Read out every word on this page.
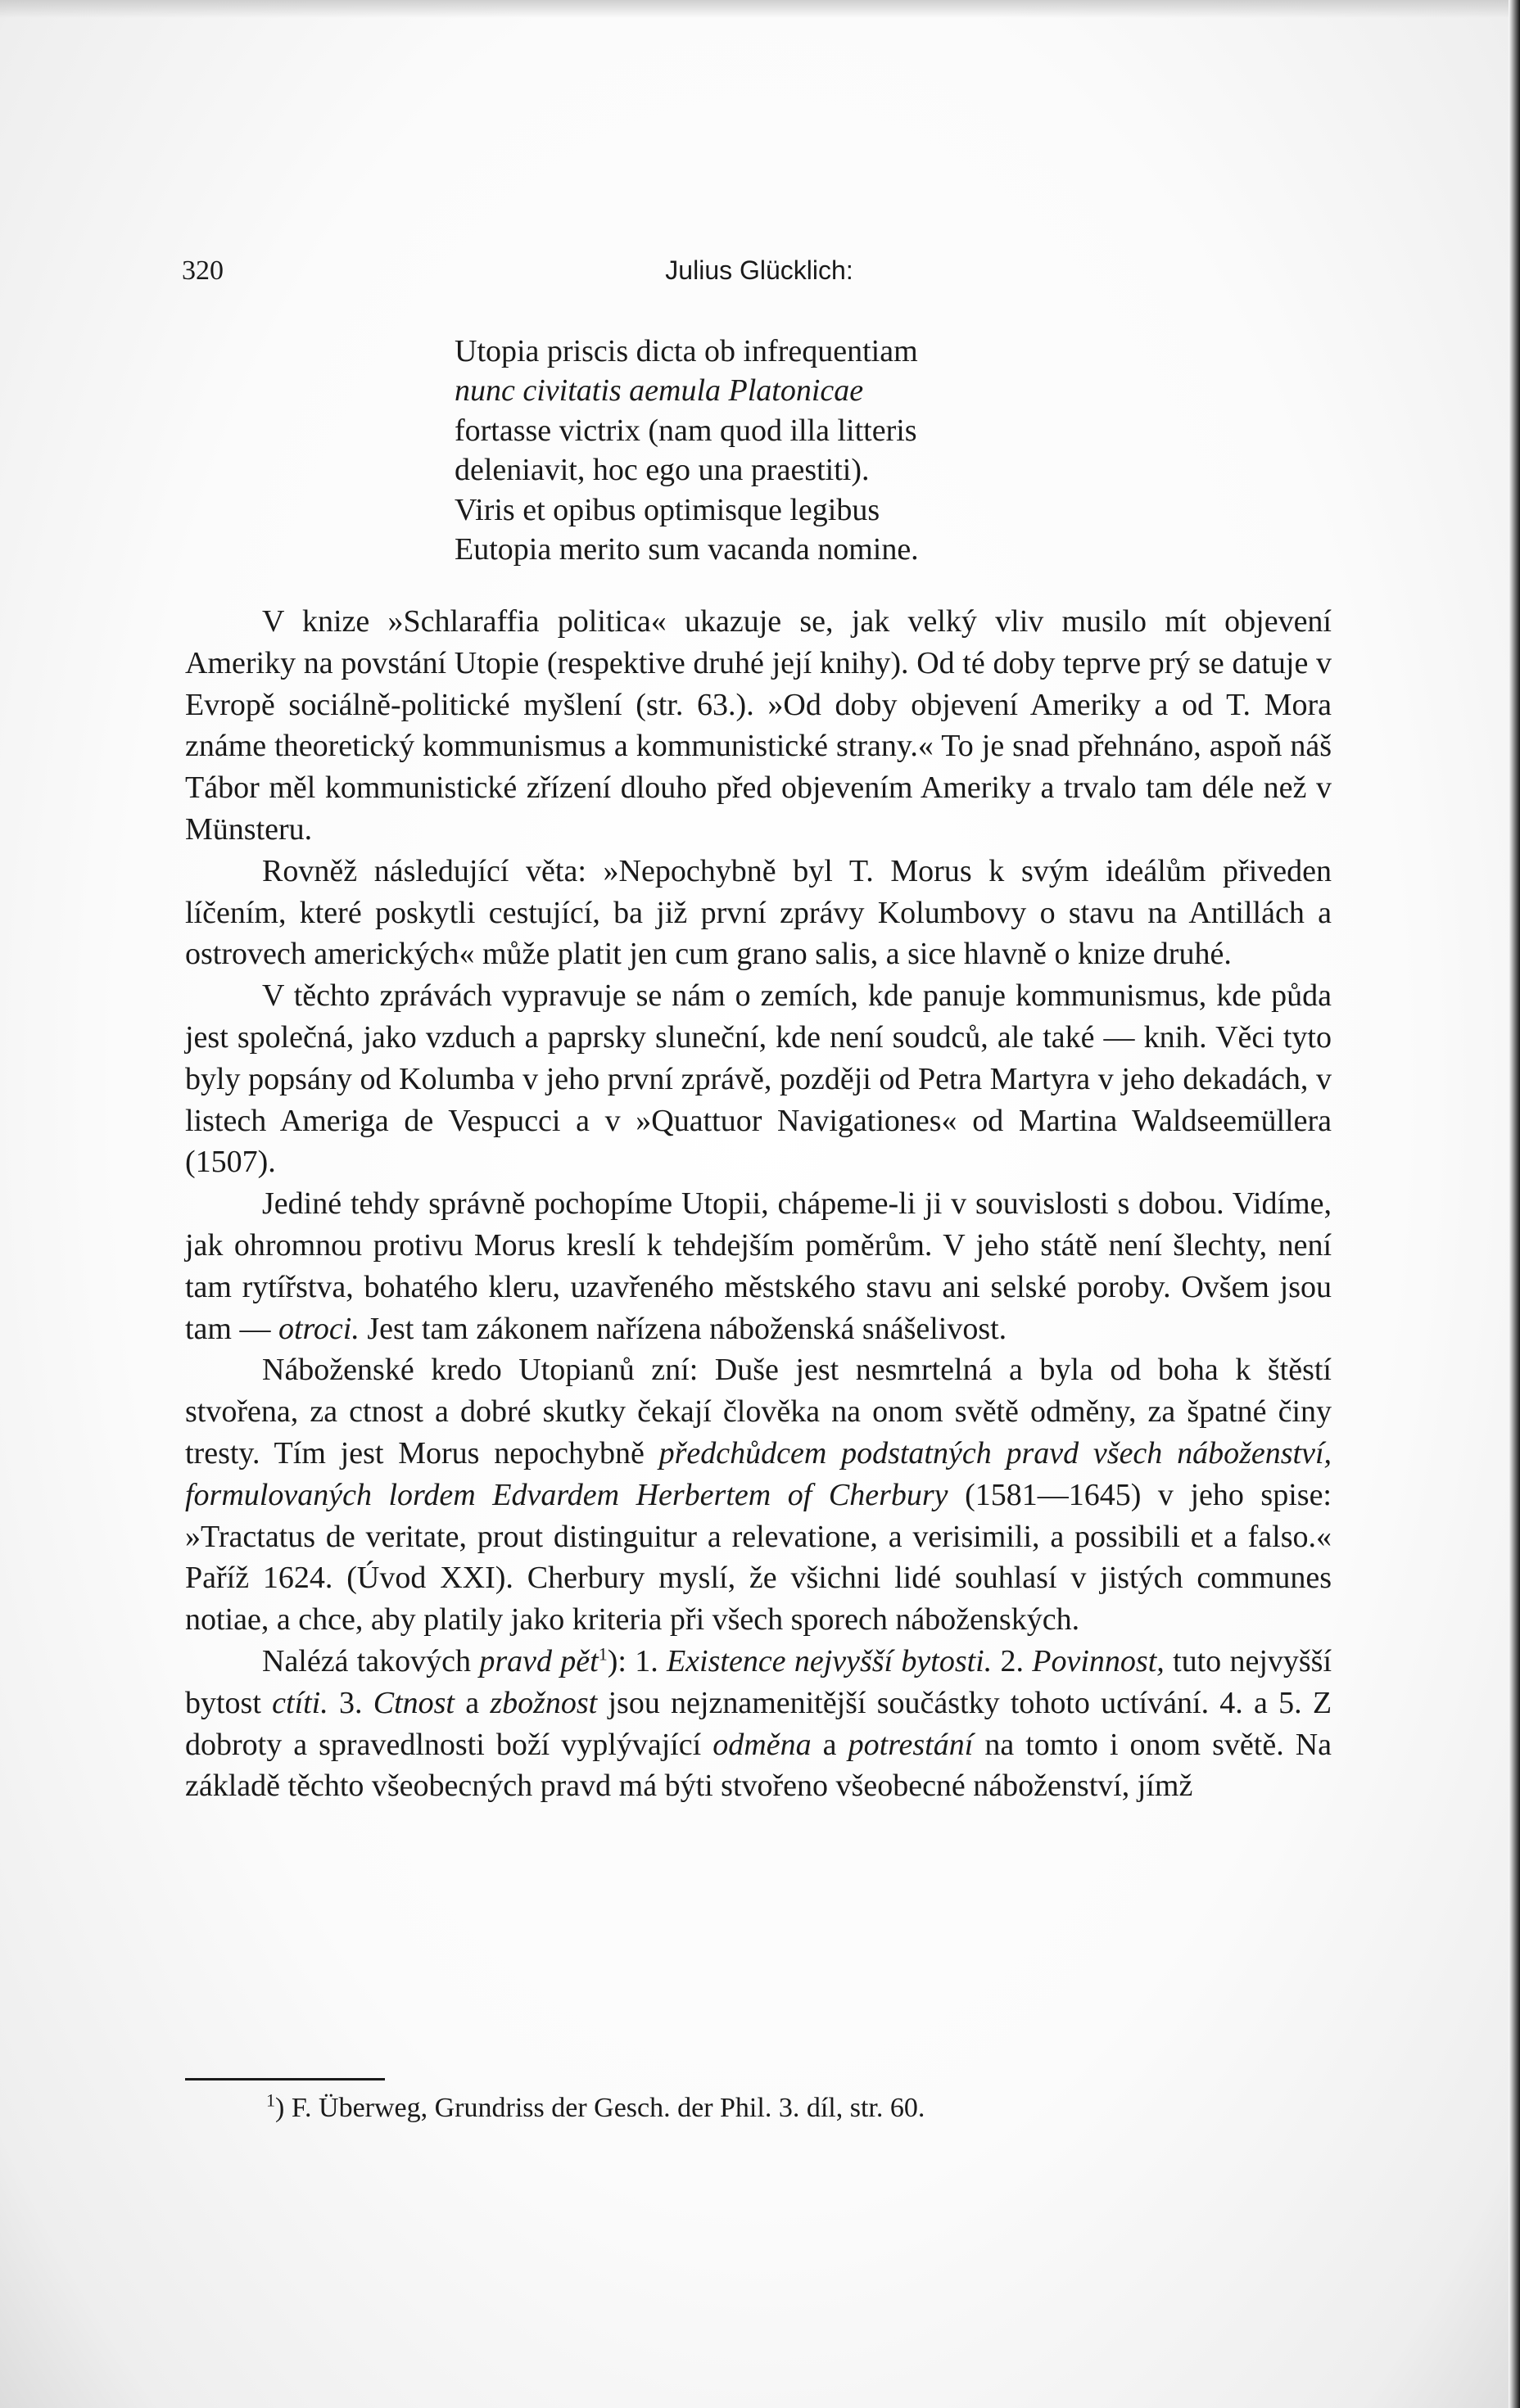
320	Julius Glücklich:
Utopia priscis dicta ob infrequentiam
nunc civitatis aemula Platonicae
fortasse victrix (nam quod illa litteris
deleniavit, hoc ego una praestiti).
Viris et opibus optimisque legibus
Eutopia merito sum vacanda nomine.

V knize »Schlaraffia politica« ukazuje se, jak velký vliv musilo mít objevení Ameriky na povstání Utopie (respektive druhé její knihy). Od té doby teprve prý se datuje v Evropě sociálně-politické myšlení (str. 63.). »Od doby objevení Ameriky a od T. Mora známe theoretický kommunismus a kommunistické strany.« To je snad přehnáno, aspoň náš Tábor měl kommunistické zřízení dlouho před objevením Ameriky a trvalo tam déle než v Münsteru.

Rovněž následující věta: »Nepochybně byl T. Morus k svým ideálům přiveden líčením, které poskytli cestující, ba již první zprávy Kolumbovy o stavu na Antillách a ostrovech amerických« může platit jen cum grano salis, a sice hlavně o knize druhé.

V těchto zprávách vypravuje se nám o zemích, kde panuje kommunismus, kde půda jest společná, jako vzduch a paprsky sluneční, kde není soudců, ale také — knih. Věci tyto byly popsány od Kolumba v jeho první zprávě, později od Petra Martyra v jeho dekadách, v listech Ameriga de Vespucci a v »Quattuor Navigationes« od Martina Waldseemüllera (1507).

Jediné tehdy správně pochopíme Utopii, chápeme-li ji v souvislosti s dobou. Vidíme, jak ohromnou protivu Morus kreslí k tehdejším poměrům. V jeho státě není šlechty, není tam rytířstva, bohatého kleru, uzavřeného městského stavu ani selské poroby. Ovšem jsou tam — otroci. Jest tam zákonem nařízena náboženská snášelivost.

Náboženské kredo Utopianů zní: Duše jest nesmrtelná a byla od boha k štěstí stvořena, za ctnost a dobré skutky čekají člověka na onom světě odměny, za špatné činy tresty. Tím jest Morus nepochybně předchůdcem podstatných pravd všech náboženství, formulovaných lordem Edvardem Herbertem of Cherbury (1581—1645) v jeho spise: »Tractatus de veritate, prout distinguitur a relevatione, a verisimili, a possibili et a falso.« Paříž 1624. (Úvod XXI). Cherbury myslí, že všichni lidé souhlasí v jistých communes notiae, a chce, aby platily jako kriteria při všech sporech náboženských.

Nalézá takových pravd pět$^1$): 1. Existence nejvyšší bytosti. 2. Povinnost, tuto nejvyšší bytost ctíti. 3. Ctnost a zbožnost jsou nejznamenitější součástky tohoto uctívání. 4. a 5. Z dobroty a spravedlnosti boží vyplývající odměna a potrestání na tomto i onom světě. Na základě těchto všeobecných pravd má býti stvořeno všeobecné náboženství, jímž

$^1$) F. Überweg, Grundriss der Gesch. der Phil. 3. díl, str. 60.
